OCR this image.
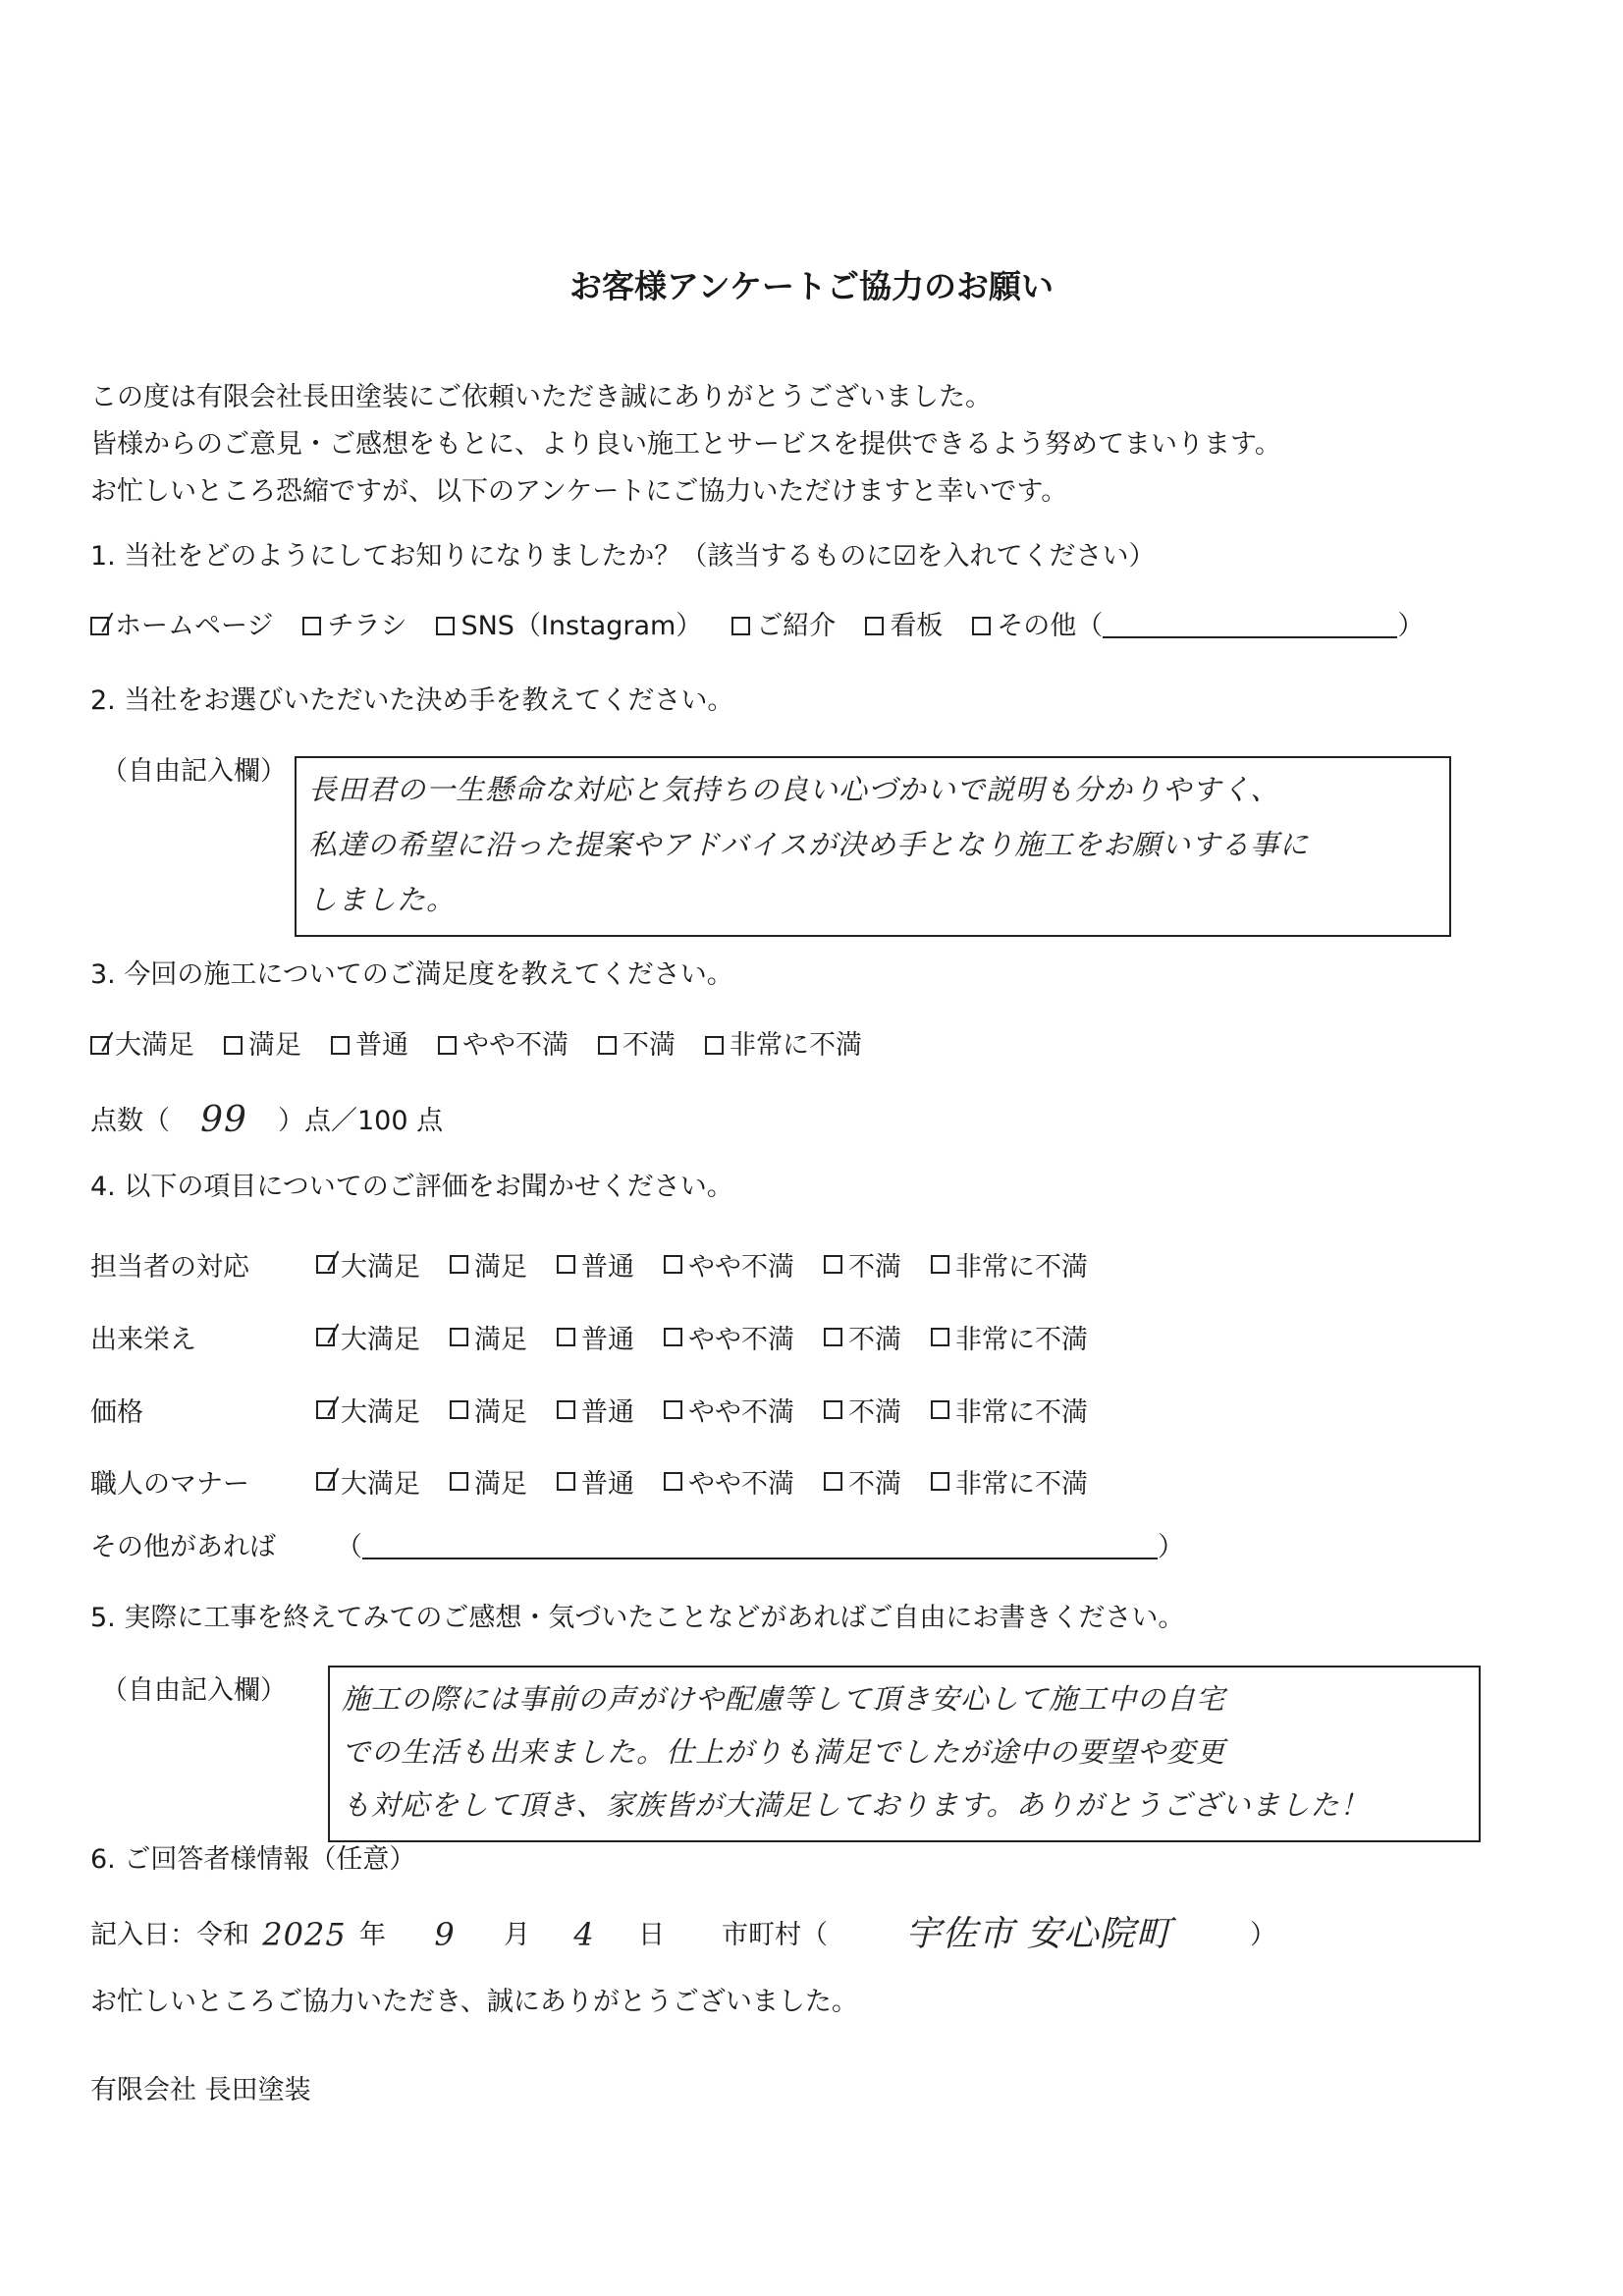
お客様アンケートご協力のお願い
この度は有限会社長田塗装にご依頼いただき誠にありがとうございました。
皆様からのご意見・ご感想をもとに、より良い施工とサービスを提供できるよう努めてまいります。
お忙しいところ恐縮ですが、以下のアンケートにご協力いただけますと幸いです。
1. 当社をどのようにしてお知りになりましたか？（該当するものに☑を入れてください）
ホームページ チラシ SNS（Instagram） ご紹介 看板 その他（	）
2. 当社をお選びいただいた決め手を教えてください。
（自由記入欄）
長田君の一生懸命な対応と気持ちの良い心づかいで説明も分かりやすく、
私達の希望に沿った提案やアドバイスが決め手となり施工をお願いする事に
しました。
3. 今回の施工についてのご満足度を教えてください。
大満足 満足 普通 やや不満 不満 非常に不満
点数（ 99	）点／100 点
4. 以下の項目についてのご評価をお聞かせください。
担当者の対応	大満足 満足 普通 やや不満 不満 非常に不満
出来栄え	大満足 満足 普通 やや不満 不満 非常に不満
価格	大満足 満足 普通 やや不満 不満 非常に不満
職人のマナー	大満足 満足 普通 やや不満 不満 非常に不満
その他があれば	（	）
5. 実際に工事を終えてみてのご感想・気づいたことなどがあればご自由にお書きください。
（自由記入欄） 施工の際には事前の声がけや配慮等して頂き安心して施工中の自宅
での生活も出来ました。仕上がりも満足でしたが途中の要望や変更
も対応をして頂き、家族皆が大満足しております。ありがとうございました！
6. ご回答者様情報（任意）
記入日：令和 2025 年	9	月	4	日 市町村（	宇佐市 安心院町	）
お忙しいところご協力いただき、誠にありがとうございました。
有限会社 長田塗装
